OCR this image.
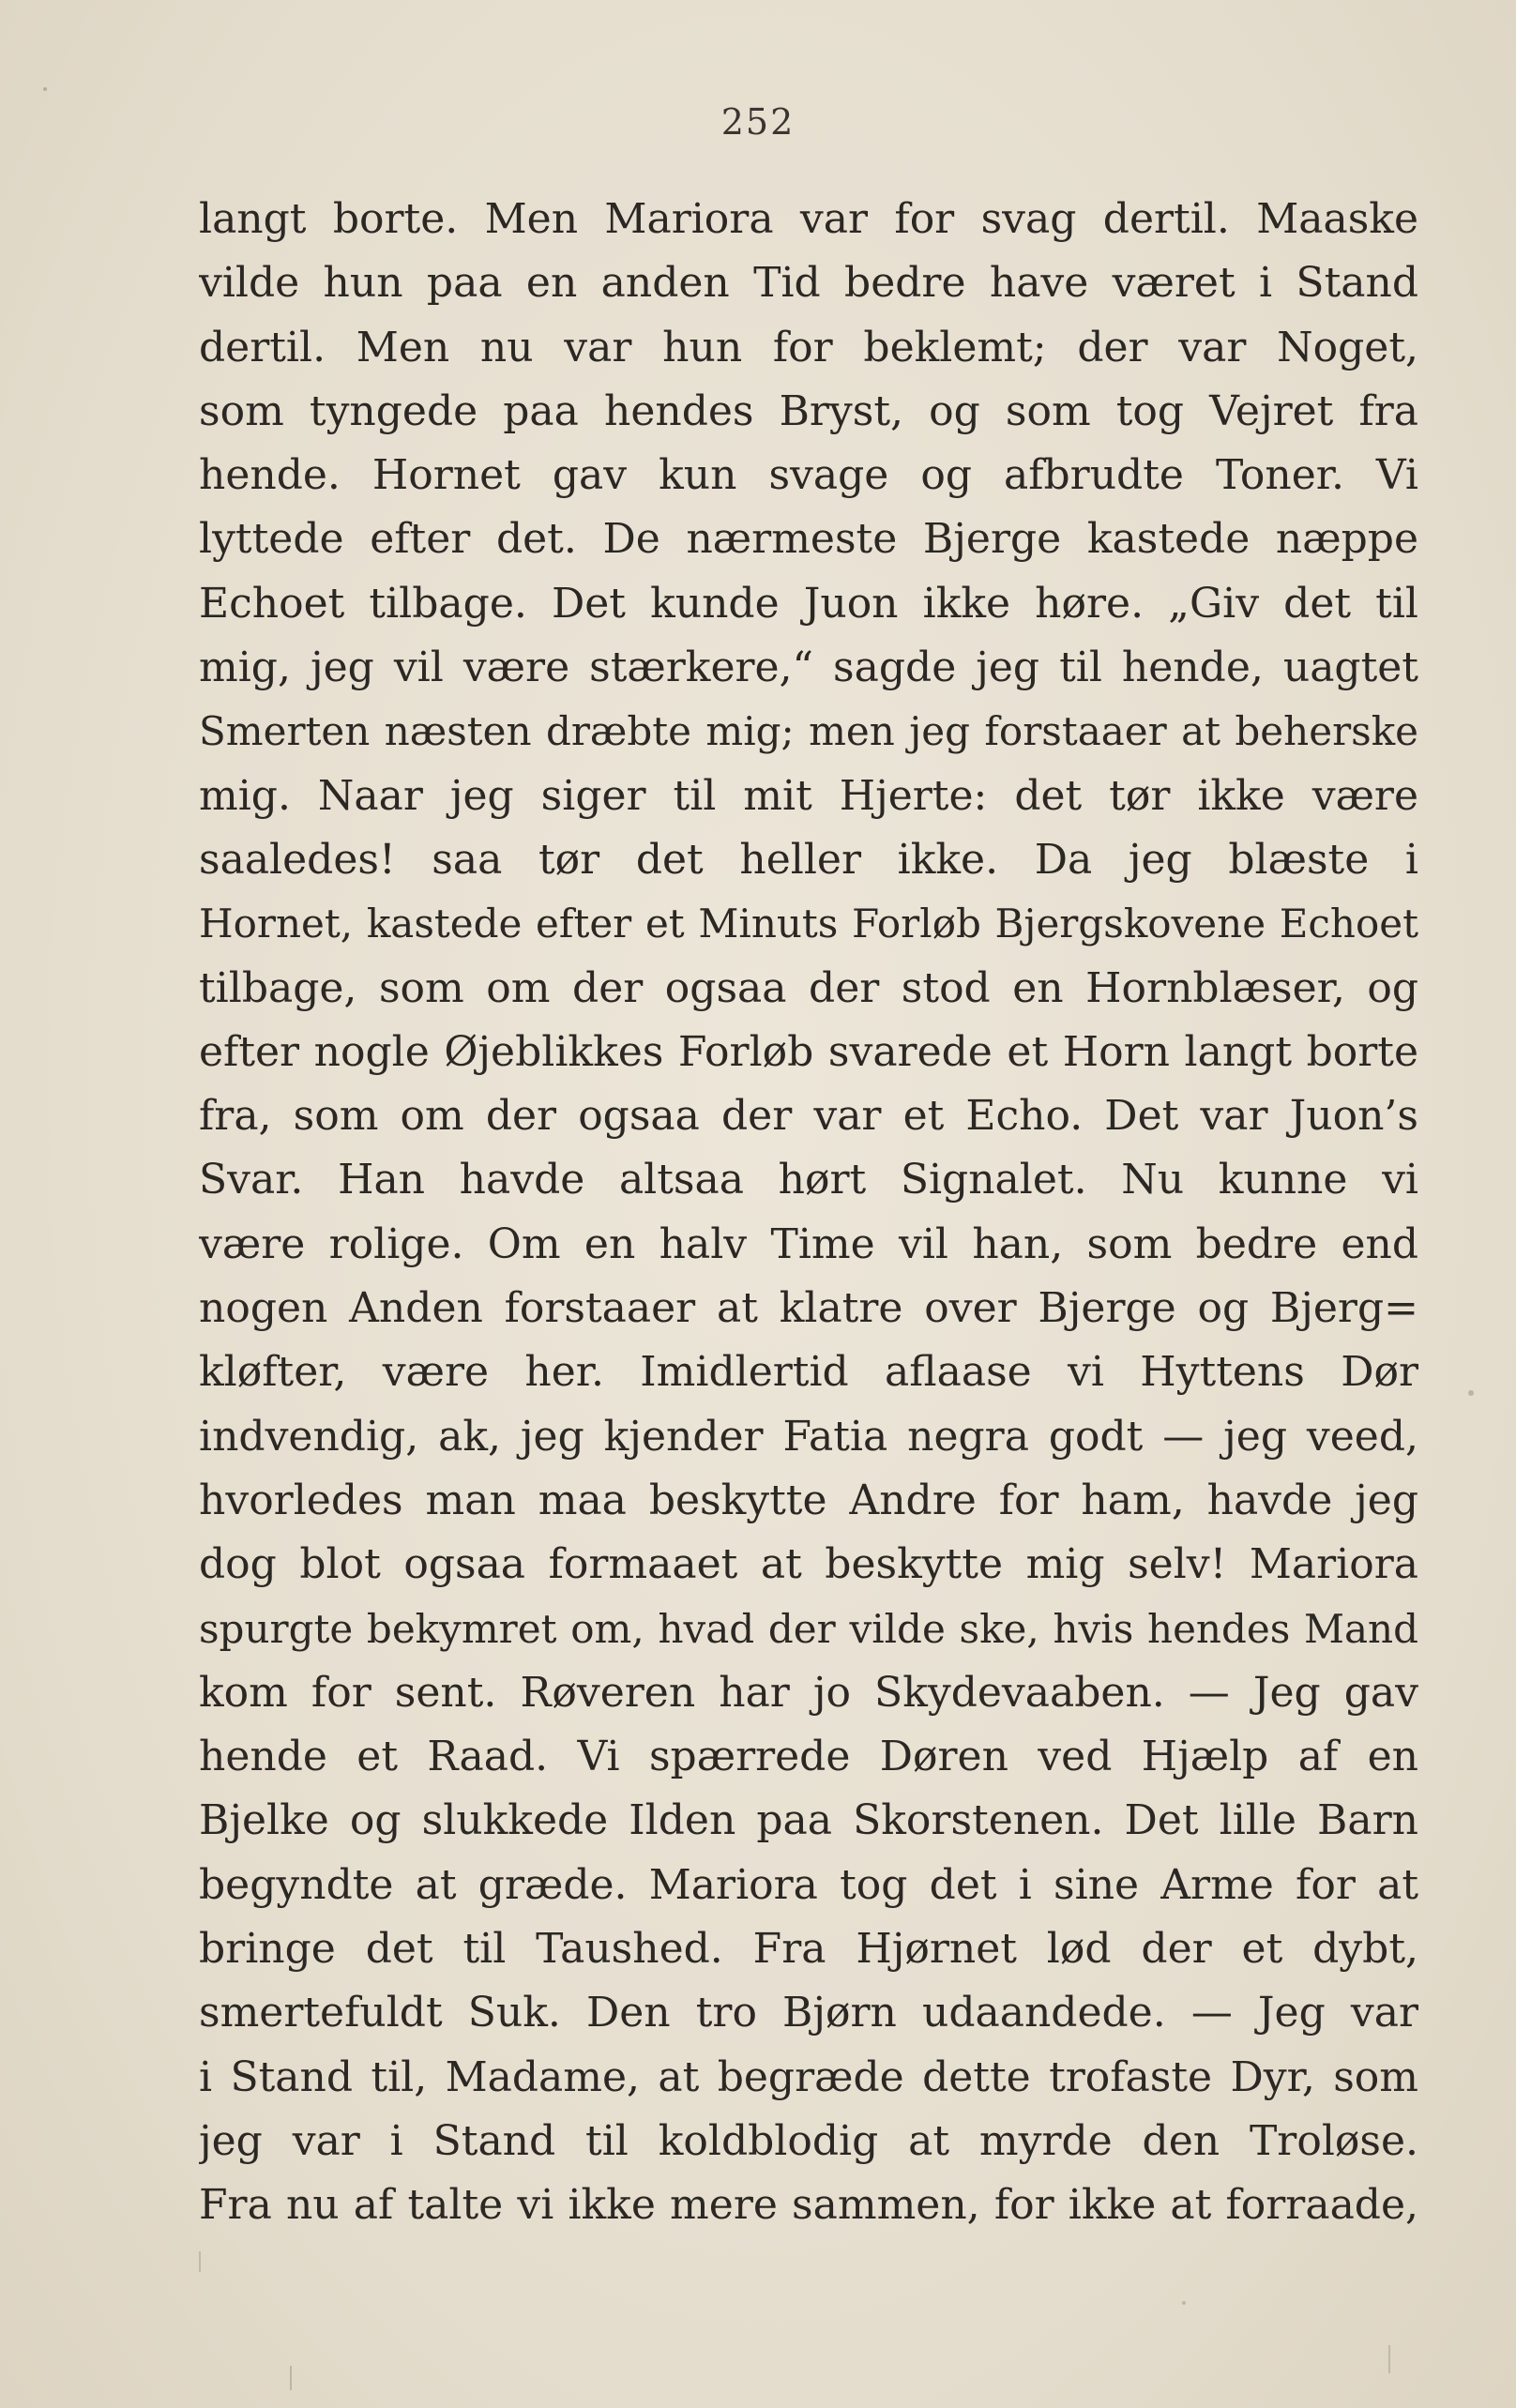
252
langt borte. Men Mariora var for svag dertil. Maaske
vilde hun paa en anden Tid bedre have været i Stand
dertil. Men nu var hun for beklemt; der var Noget,
som tyngede paa hendes Bryst, og som tog Vejret fra
hende. Hornet gav kun svage og afbrudte Toner. Vi
lyttede efter det. De nærmeste Bjerge kastede næppe
Echoet tilbage. Det kunde Juon ikke høre. „Giv det til
mig, jeg vil være stærkere,“ sagde jeg til hende, uagtet
Smerten næsten dræbte mig; men jeg forstaaer at beherske
mig. Naar jeg siger til mit Hjerte: det tør ikke være
saaledes! saa tør det heller ikke. Da jeg blæste i
Hornet, kastede efter et Minuts Forløb Bjergskovene Echoet
tilbage, som om der ogsaa der stod en Hornblæser, og
efter nogle Øjeblikkes Forløb svarede et Horn langt borte
fra, som om der ogsaa der var et Echo. Det var Juon’s
Svar. Han havde altsaa hørt Signalet. Nu kunne vi
være rolige. Om en halv Time vil han, som bedre end
nogen Anden forstaaer at klatre over Bjerge og Bjerg=
kløfter, være her. Imidlertid aflaase vi Hyttens Dør
indvendig, ak, jeg kjender Fatia negra godt — jeg veed,
hvorledes man maa beskytte Andre for ham, havde jeg
dog blot ogsaa formaaet at beskytte mig selv! Mariora
spurgte bekymret om, hvad der vilde ske, hvis hendes Mand
kom for sent. Røveren har jo Skydevaaben. — Jeg gav
hende et Raad. Vi spærrede Døren ved Hjælp af en
Bjelke og slukkede Ilden paa Skorstenen. Det lille Barn
begyndte at græde. Mariora tog det i sine Arme for at
bringe det til Taushed. Fra Hjørnet lød der et dybt,
smertefuldt Suk. Den tro Bjørn udaandede. — Jeg var
i Stand til, Madame, at begræde dette trofaste Dyr, som
jeg var i Stand til koldblodig at myrde den Troløse.
Fra nu af talte vi ikke mere sammen, for ikke at forraade,
